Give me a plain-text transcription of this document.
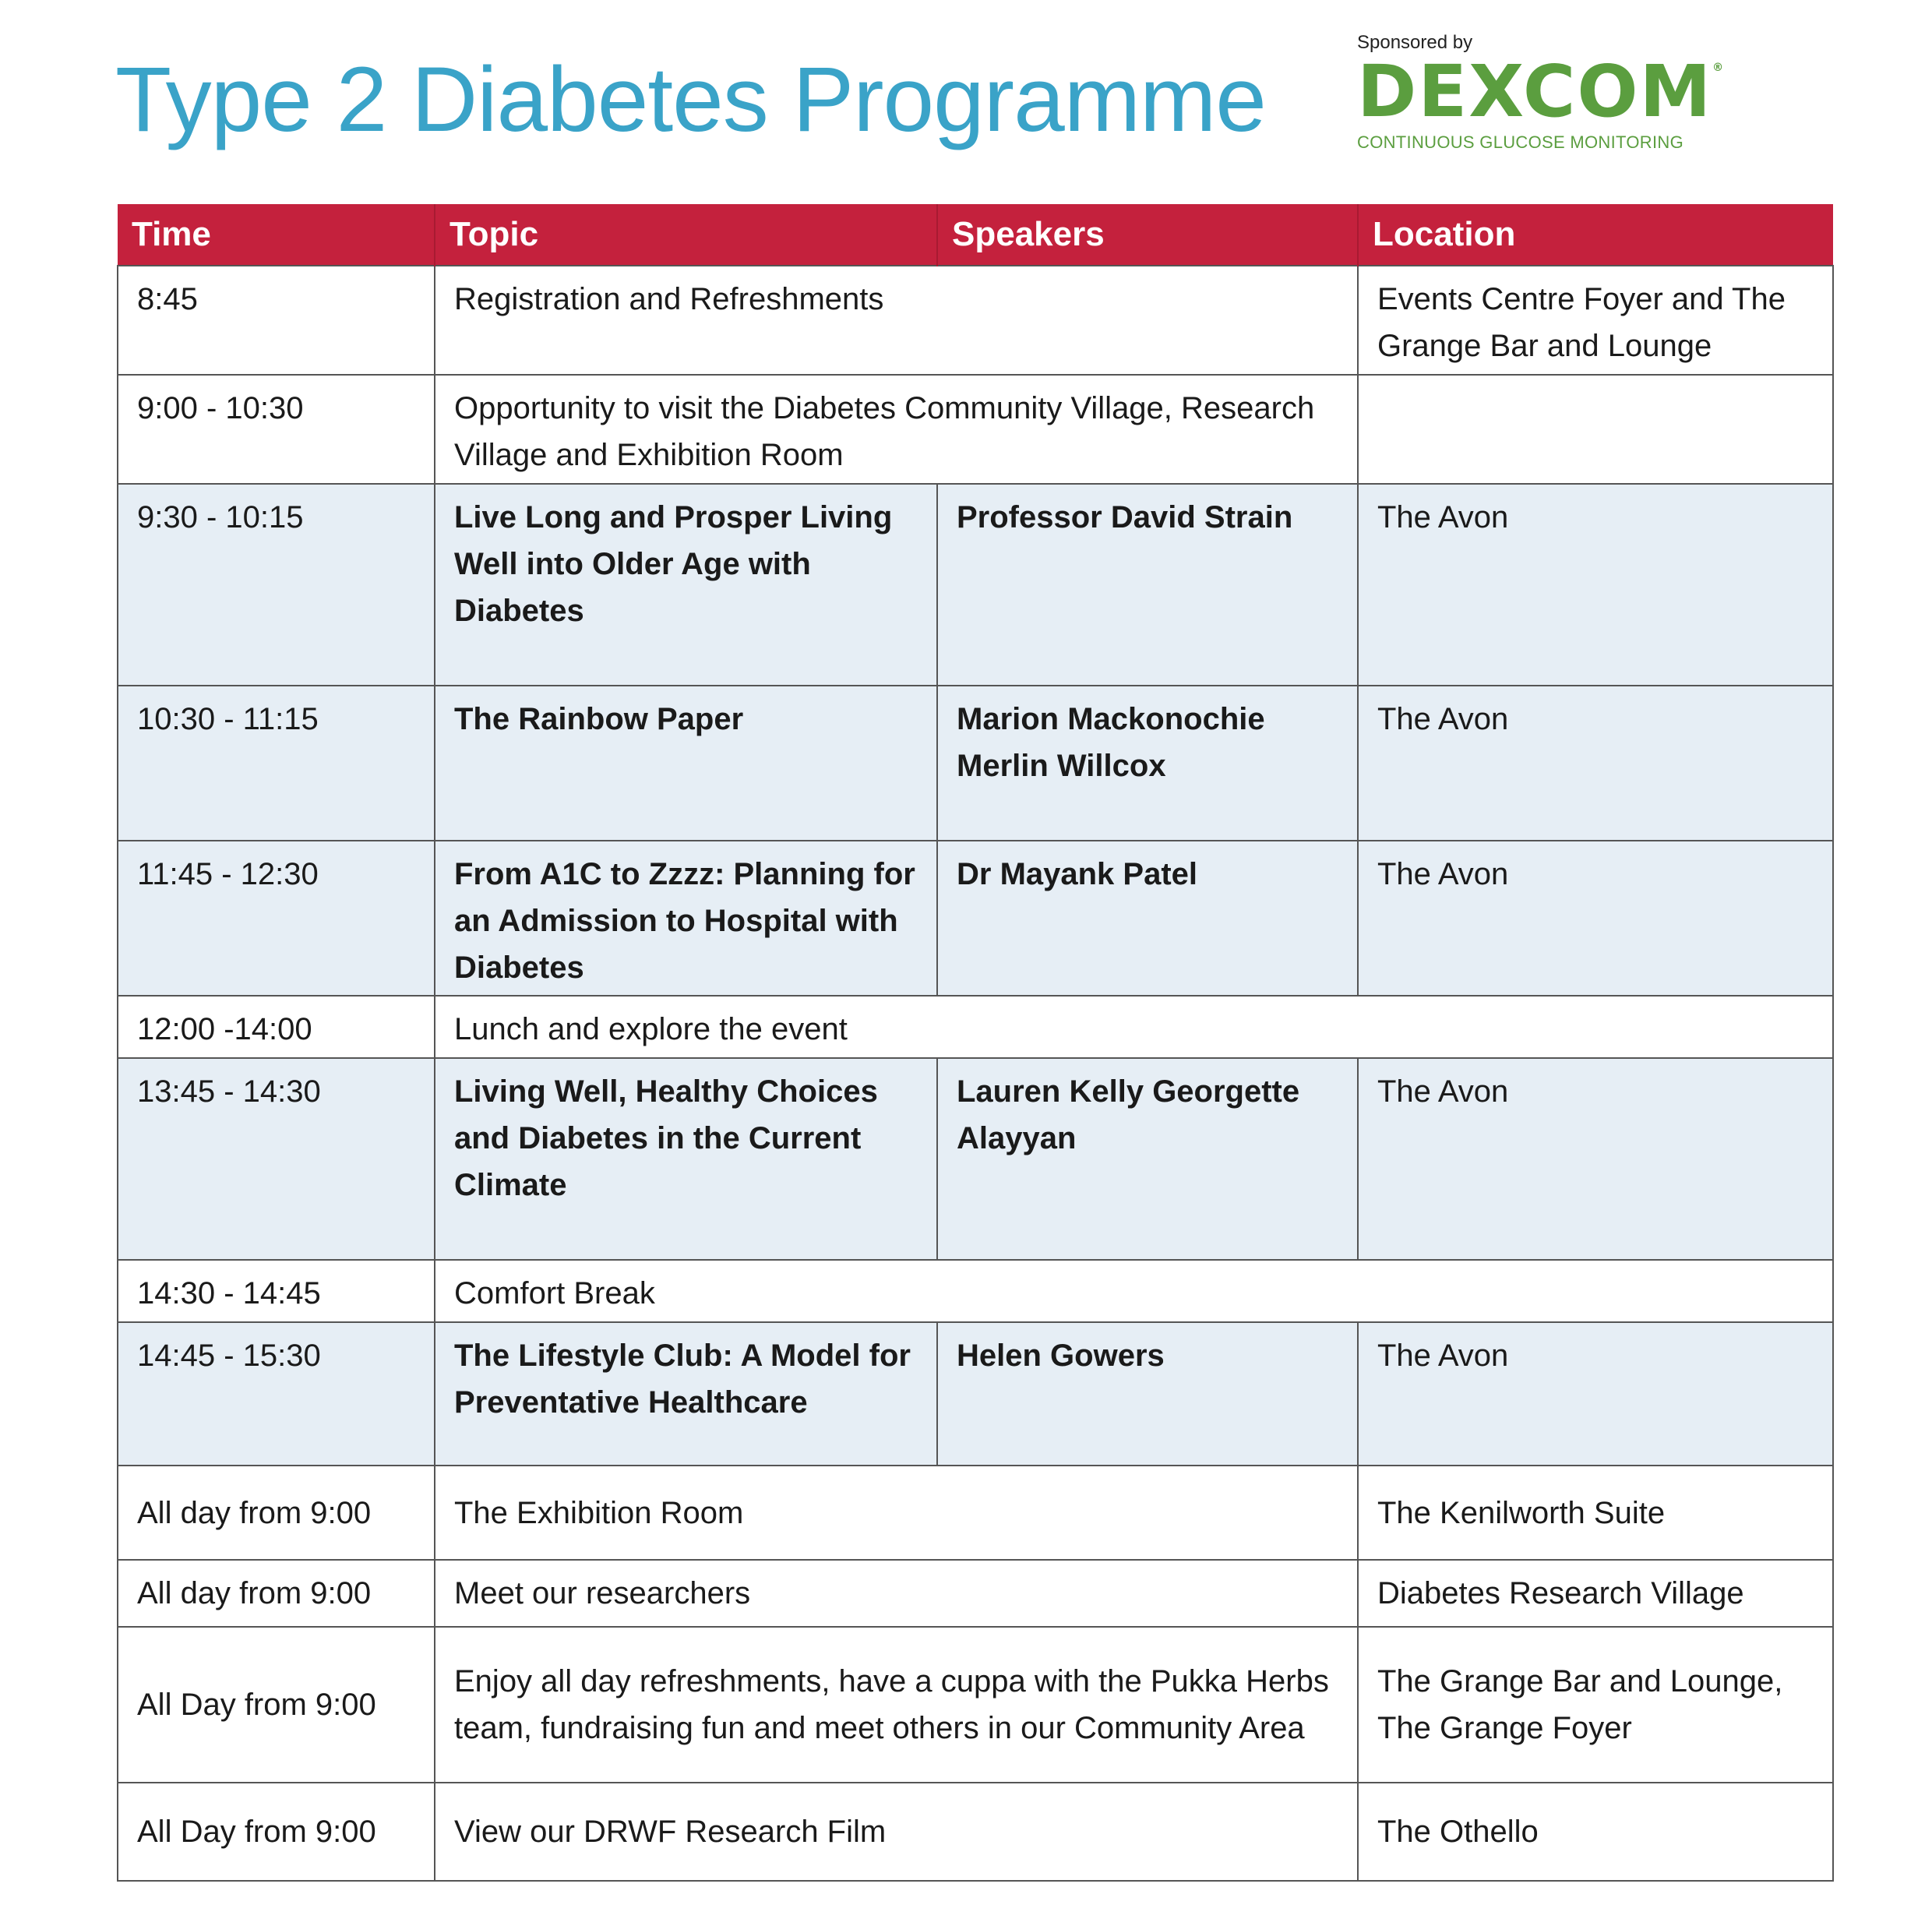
Type 2 Diabetes Programme
Sponsored by
DEXCOM®
CONTINUOUS GLUCOSE MONITORING
Time	Topic	Speakers	Location
8:45	Registration and Refreshments		Events Centre Foyer and The Grange Bar and Lounge
9:00 - 10:30	Opportunity to visit the Diabetes Community Village, Research Village and Exhibition Room		
9:30 - 10:15	Live Long and Prosper Living Well into Older Age with Diabetes	Professor David Strain	The Avon
10:30 - 11:15	The Rainbow Paper	Marion Mackonochie Merlin Willcox	The Avon
11:45 - 12:30	From A1C to Zzzz: Planning for an Admission to Hospital with Diabetes	Dr Mayank Patel	The Avon
12:00 -14:00	Lunch and explore the event		
13:45 - 14:30	Living Well, Healthy Choices and Diabetes in the Current Climate	Lauren Kelly Georgette Alayyan	The Avon
14:30 - 14:45	Comfort Break		
14:45 - 15:30	The Lifestyle Club: A Model for Preventative Healthcare	Helen Gowers	The Avon
All day from 9:00	The Exhibition Room		The Kenilworth Suite
All day from 9:00	Meet our researchers		Diabetes Research Village
All Day from 9:00	Enjoy all day refreshments, have a cuppa with the Pukka Herbs team, fundraising fun and meet others in our Community Area		The Grange Bar and Lounge, The Grange Foyer
All Day from 9:00	View our DRWF Research Film		The Othello
